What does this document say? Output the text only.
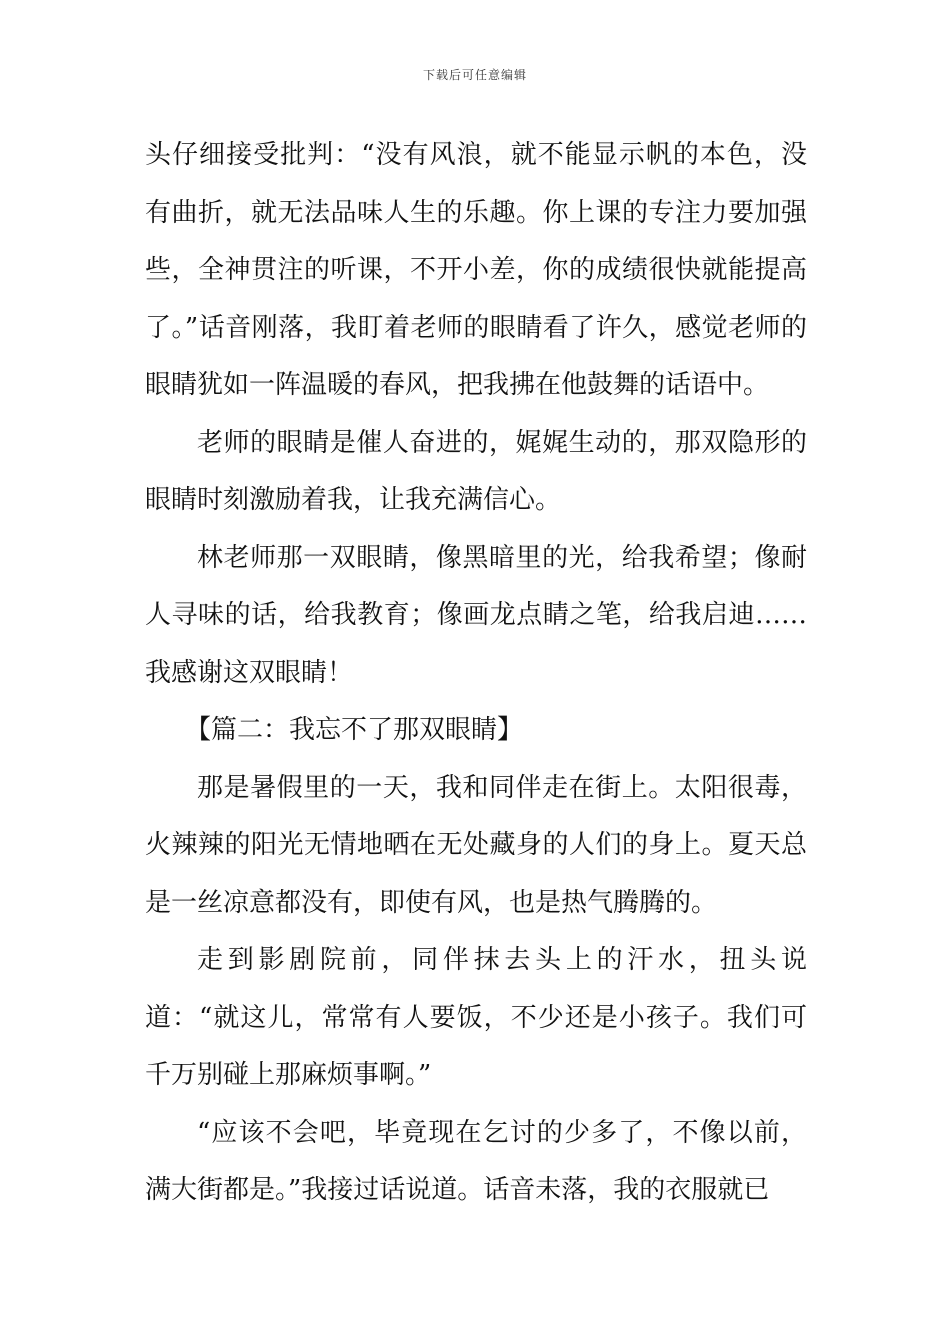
下载后可任意编辑

头仔细接受批判：“没有风浪，就不能显示帆的本色，没有曲折，就无法品味人生的乐趣。你上课的专注力要加强些，全神贯注的听课，不开小差，你的成绩很快就能提高了。”话音刚落，我盯着老师的眼睛看了许久，感觉老师的眼睛犹如一阵温暖的春风，把我拂在他鼓舞的话语中。

老师的眼睛是催人奋进的，娓娓生动的，那双隐形的眼睛时刻激励着我，让我充满信心。

林老师那一双眼睛，像黑暗里的光，给我希望；像耐人寻味的话，给我教育；像画龙点睛之笔，给我启迪……我感谢这双眼睛！

【篇二：我忘不了那双眼睛】

那是暑假里的一天，我和同伴走在街上。太阳很毒，火辣辣的阳光无情地晒在无处藏身的人们的身上。夏天总是一丝凉意都没有，即使有风，也是热气腾腾的。

走到影剧院前，同伴抹去头上的汗水，扭头说道：“就这儿，常常有人要饭，不少还是小孩子。我们可千万别碰上那麻烦事啊。”

“应该不会吧，毕竟现在乞讨的少多了，不像以前，满大街都是。”我接过话说道。话音未落，我的衣服就已
